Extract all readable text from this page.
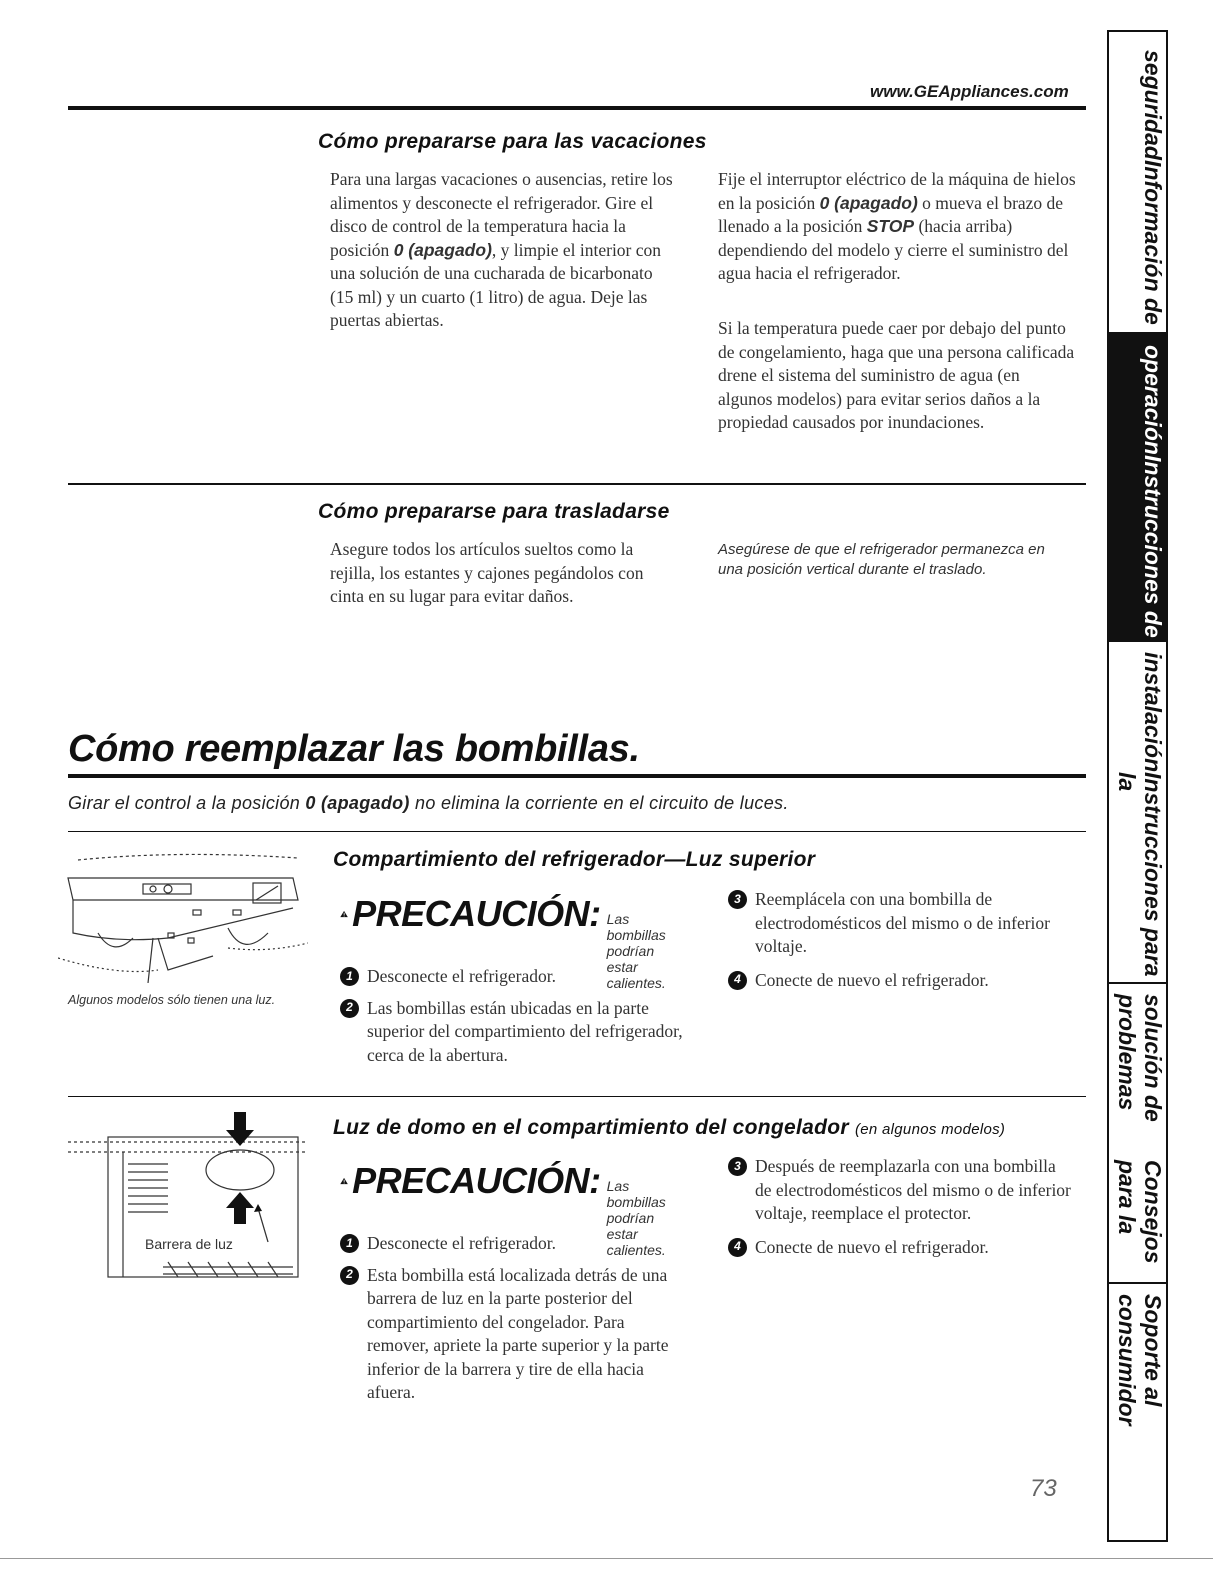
www.GEAppliances.com
Cómo prepararse para las vacaciones
Para una largas vacaciones o ausencias, retire los alimentos y desconecte el refrigerador. Gire el disco de control de la temperatura hacia la posición 0 (apagado), y limpie el interior con una solución de una cucharada de bicarbonato (15 ml) y un cuarto (1 litro) de agua. Deje las puertas abiertas.
Fije el interruptor eléctrico de la máquina de hielos en la posición 0 (apagado) o mueva el brazo de llenado a la posición STOP (hacia arriba) dependiendo del modelo y cierre el suministro del agua hacia el refrigerador.
Si la temperatura puede caer por debajo del punto de congelamiento, haga que una persona calificada drene el sistema del suministro de agua (en algunos modelos) para evitar serios daños a la propiedad causados por inundaciones.
Cómo prepararse para trasladarse
Asegure todos los artículos sueltos como la rejilla, los estantes y cajones pegándolos con cinta en su lugar para evitar daños.
Asegúrese de que el refrigerador permanezca en una posición vertical durante el traslado.
Cómo reemplazar las bombillas.
Girar el control a la posición 0 (apagado) no elimina la corriente en el circuito de luces.
Algunos modelos sólo tienen una luz.
Compartimiento del refrigerador—Luz superior
PRECAUCIÓN: Las bombillas podrían estar calientes.
1 Desconecte el refrigerador.
2 Las bombillas están ubicadas en la parte superior del compartimiento del refrigerador, cerca de la abertura.
3 Reemplácela con una bombilla de electrodomésticos del mismo o de inferior voltaje.
4 Conecte de nuevo el refrigerador.
Barrera de luz
Luz de domo en el compartimiento del congelador (en algunos modelos)
PRECAUCIÓN: Las bombillas podrían estar calientes.
1 Desconecte el refrigerador.
2 Esta bombilla está localizada detrás de una barrera de luz en la parte posterior del compartimiento del congelador. Para remover, apriete la parte superior y la parte inferior de la barrera y tire de ella hacia afuera.
3 Después de reemplazarla con una bombilla de electrodomésticos del mismo o de inferior voltaje, reemplace el protector.
4 Conecte de nuevo el refrigerador.
Información de
seguridad
Instrucciones de
operación
Instrucciones para la
instalación
Consejos para la
solución de problemas
Soporte al consumidor
73
